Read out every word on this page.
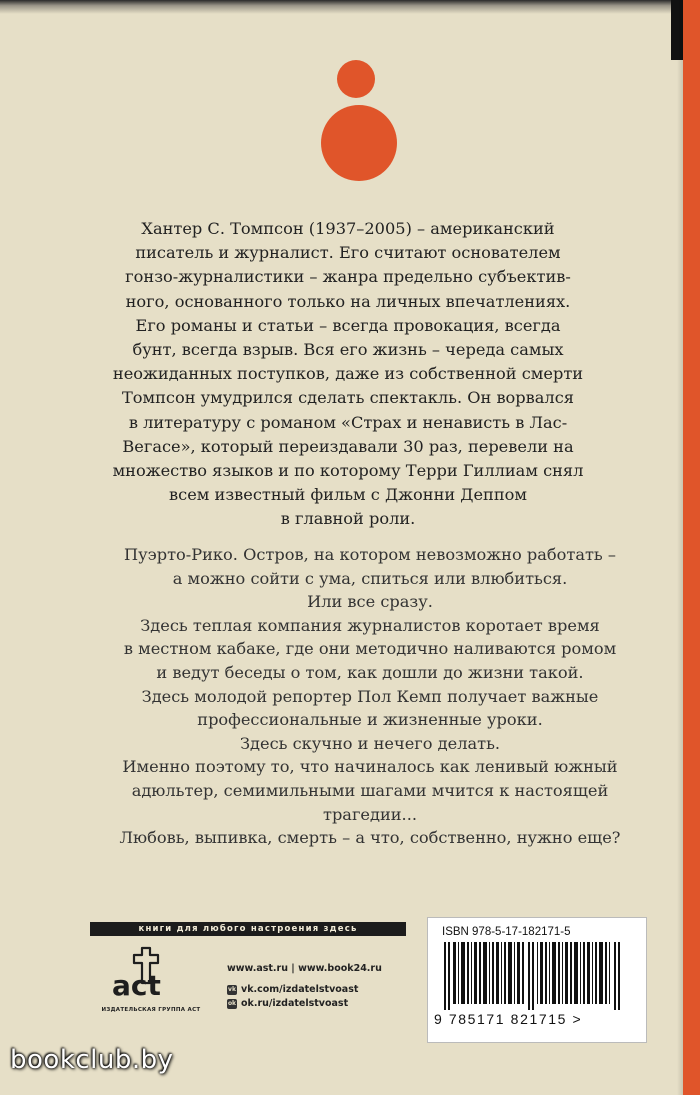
Хантер С. Томпсон (1937–2005) – американский
писатель и журналист. Его считают основателем
гонзо-журналистики – жанра предельно субъектив-
ного, основанного только на личных впечатлениях.
Его романы и статьи – всегда провокация, всегда
бунт, всегда взрыв. Вся его жизнь – череда самых
неожиданных поступков, даже из собственной смерти
Томпсон умудрился сделать спектакль. Он ворвался
в литературу с романом «Страх и ненависть в Лас-
Вегасе», который переиздавали 30 раз, перевели на
множество языков и по которому Терри Гиллиам снял
всем известный фильм с Джонни Деппом
в главной роли.
Пуэрто-Рико. Остров, на котором невозможно работать –
а можно сойти с ума, спиться или влюбиться.
Или все сразу.
Здесь теплая компания журналистов коротает время
в местном кабаке, где они методично наливаются ромом
и ведут беседы о том, как дошли до жизни такой.
Здесь молодой репортер Пол Кемп получает важные
профессиональные и жизненные уроки.
Здесь скучно и нечего делать.
Именно поэтому то, что начиналось как ленивый южный
адюльтер, семимильными шагами мчится к настоящей
трагедии...
Любовь, выпивка, смерть – а что, собственно, нужно еще?
книги для любого настроения здесь
act
ИЗДАТЕЛЬСКАЯ ГРУППА АСТ
www.ast.ru | www.book24.ru
vk vk.com/izdatelstvoast
ok ok.ru/izdatelstvoast
ISBN 978-5-17-182171-5
9 785171 821715 >
bookclub.by
